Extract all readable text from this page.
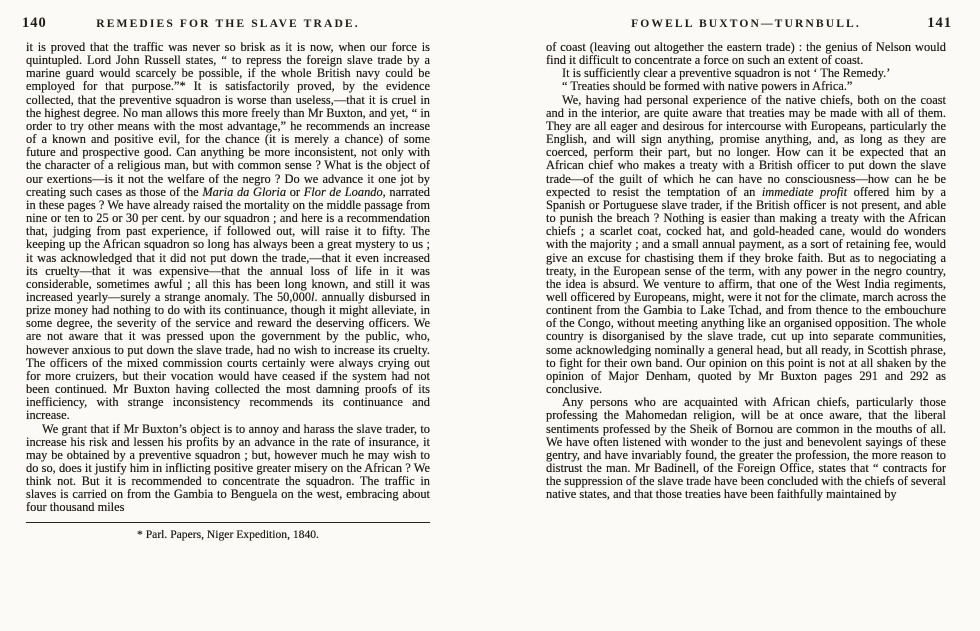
140	REMEDIES FOR THE SLAVE TRADE.

it is proved that the traffic was never so brisk as it is now, when our force is quintupled. Lord John Russell states, “ to repress the foreign slave trade by a marine guard would scarcely be possible, if the whole British navy could be employed for that purpose.”* It is satisfactorily proved, by the evidence collected, that the preventive squadron is worse than useless,—that it is cruel in the highest degree. No man allows this more freely than Mr Buxton, and yet, “ in order to try other means with the most advantage,” he recommends an increase of a known and positive evil, for the chance (it is merely a chance) of some future and prospective good. Can anything be more inconsistent, not only with the character of a religious man, but with common sense ? What is the object of our exertions—is it not the welfare of the negro ? Do we advance it one jot by creating such cases as those of the Maria da Gloria or Flor de Loando, narrated in these pages ? We have already raised the mortality on the middle passage from nine or ten to 25 or 30 per cent. by our squadron ; and here is a recommendation that, judging from past experience, if followed out, will raise it to fifty. The keeping up the African squadron so long has always been a great mystery to us ; it was acknowledged that it did not put down the trade,—that it even increased its cruelty—that it was expensive—that the annual loss of life in it was considerable, sometimes awful ; all this has been long known, and still it was increased yearly—surely a strange anomaly. The 50,000l. annually disbursed in prize money had nothing to do with its continuance, though it might alleviate, in some degree, the severity of the service and reward the deserving officers. We are not aware that it was pressed upon the government by the public, who, however anxious to put down the slave trade, had no wish to increase its cruelty. The officers of the mixed commission courts certainly were always crying out for more cruizers, but their vocation would have ceased if the system had not been continued. Mr Buxton having collected the most damning proofs of its inefficiency, with strange inconsistency recommends its continuance and increase.

We grant that if Mr Buxton’s object is to annoy and harass the slave trader, to increase his risk and lessen his profits by an advance in the rate of insurance, it may be obtained by a preventive squadron ; but, however much he may wish to do so, does it justify him in inflicting positive greater misery on the African ? We think not. But it is recommended to concentrate the squadron. The traffic in slaves is carried on from the Gambia to Benguela on the west, embracing about four thousand miles

* Parl. Papers, Niger Expedition, 1840.
FOWELL BUXTON—TURNBULL.	141

of coast (leaving out altogether the eastern trade) : the genius of Nelson would find it difficult to concentrate a force on such an extent of coast.

It is sufficiently clear a preventive squadron is not ‘ The Remedy.’

“ Treaties should be formed with native powers in Africa.”

We, having had personal experience of the native chiefs, both on the coast and in the interior, are quite aware that treaties may be made with all of them. They are all eager and desirous for intercourse with Europeans, particularly the English, and will sign anything, promise anything, and, as long as they are coerced, perform their part, but no longer. How can it be expected that an African chief who makes a treaty with a British officer to put down the slave trade—of the guilt of which he can have no consciousness—how can he be expected to resist the temptation of an immediate profit offered him by a Spanish or Portuguese slave trader, if the British officer is not present, and able to punish the breach ? Nothing is easier than making a treaty with the African chiefs ; a scarlet coat, cocked hat, and gold-headed cane, would do wonders with the majority ; and a small annual payment, as a sort of retaining fee, would give an excuse for chastising them if they broke faith. But as to negociating a treaty, in the European sense of the term, with any power in the negro country, the idea is absurd. We venture to affirm, that one of the West India regiments, well officered by Europeans, might, were it not for the climate, march across the continent from the Gambia to Lake Tchad, and from thence to the embouchure of the Congo, without meeting anything like an organised opposition. The whole country is disorganised by the slave trade, cut up into separate communities, some acknowledging nominally a general head, but all ready, in Scottish phrase, to fight for their own band. Our opinion on this point is not at all shaken by the opinion of Major Denham, quoted by Mr Buxton pages 291 and 292 as conclusive.

Any persons who are acquainted with African chiefs, particularly those professing the Mahomedan religion, will be at once aware, that the liberal sentiments professed by the Sheik of Bornou are common in the mouths of all. We have often listened with wonder to the just and benevolent sayings of these gentry, and have invariably found, the greater the profession, the more reason to distrust the man. Mr Badinell, of the Foreign Office, states that “ contracts for the suppression of the slave trade have been concluded with the chiefs of several native states, and that those treaties have been faithfully maintained by
